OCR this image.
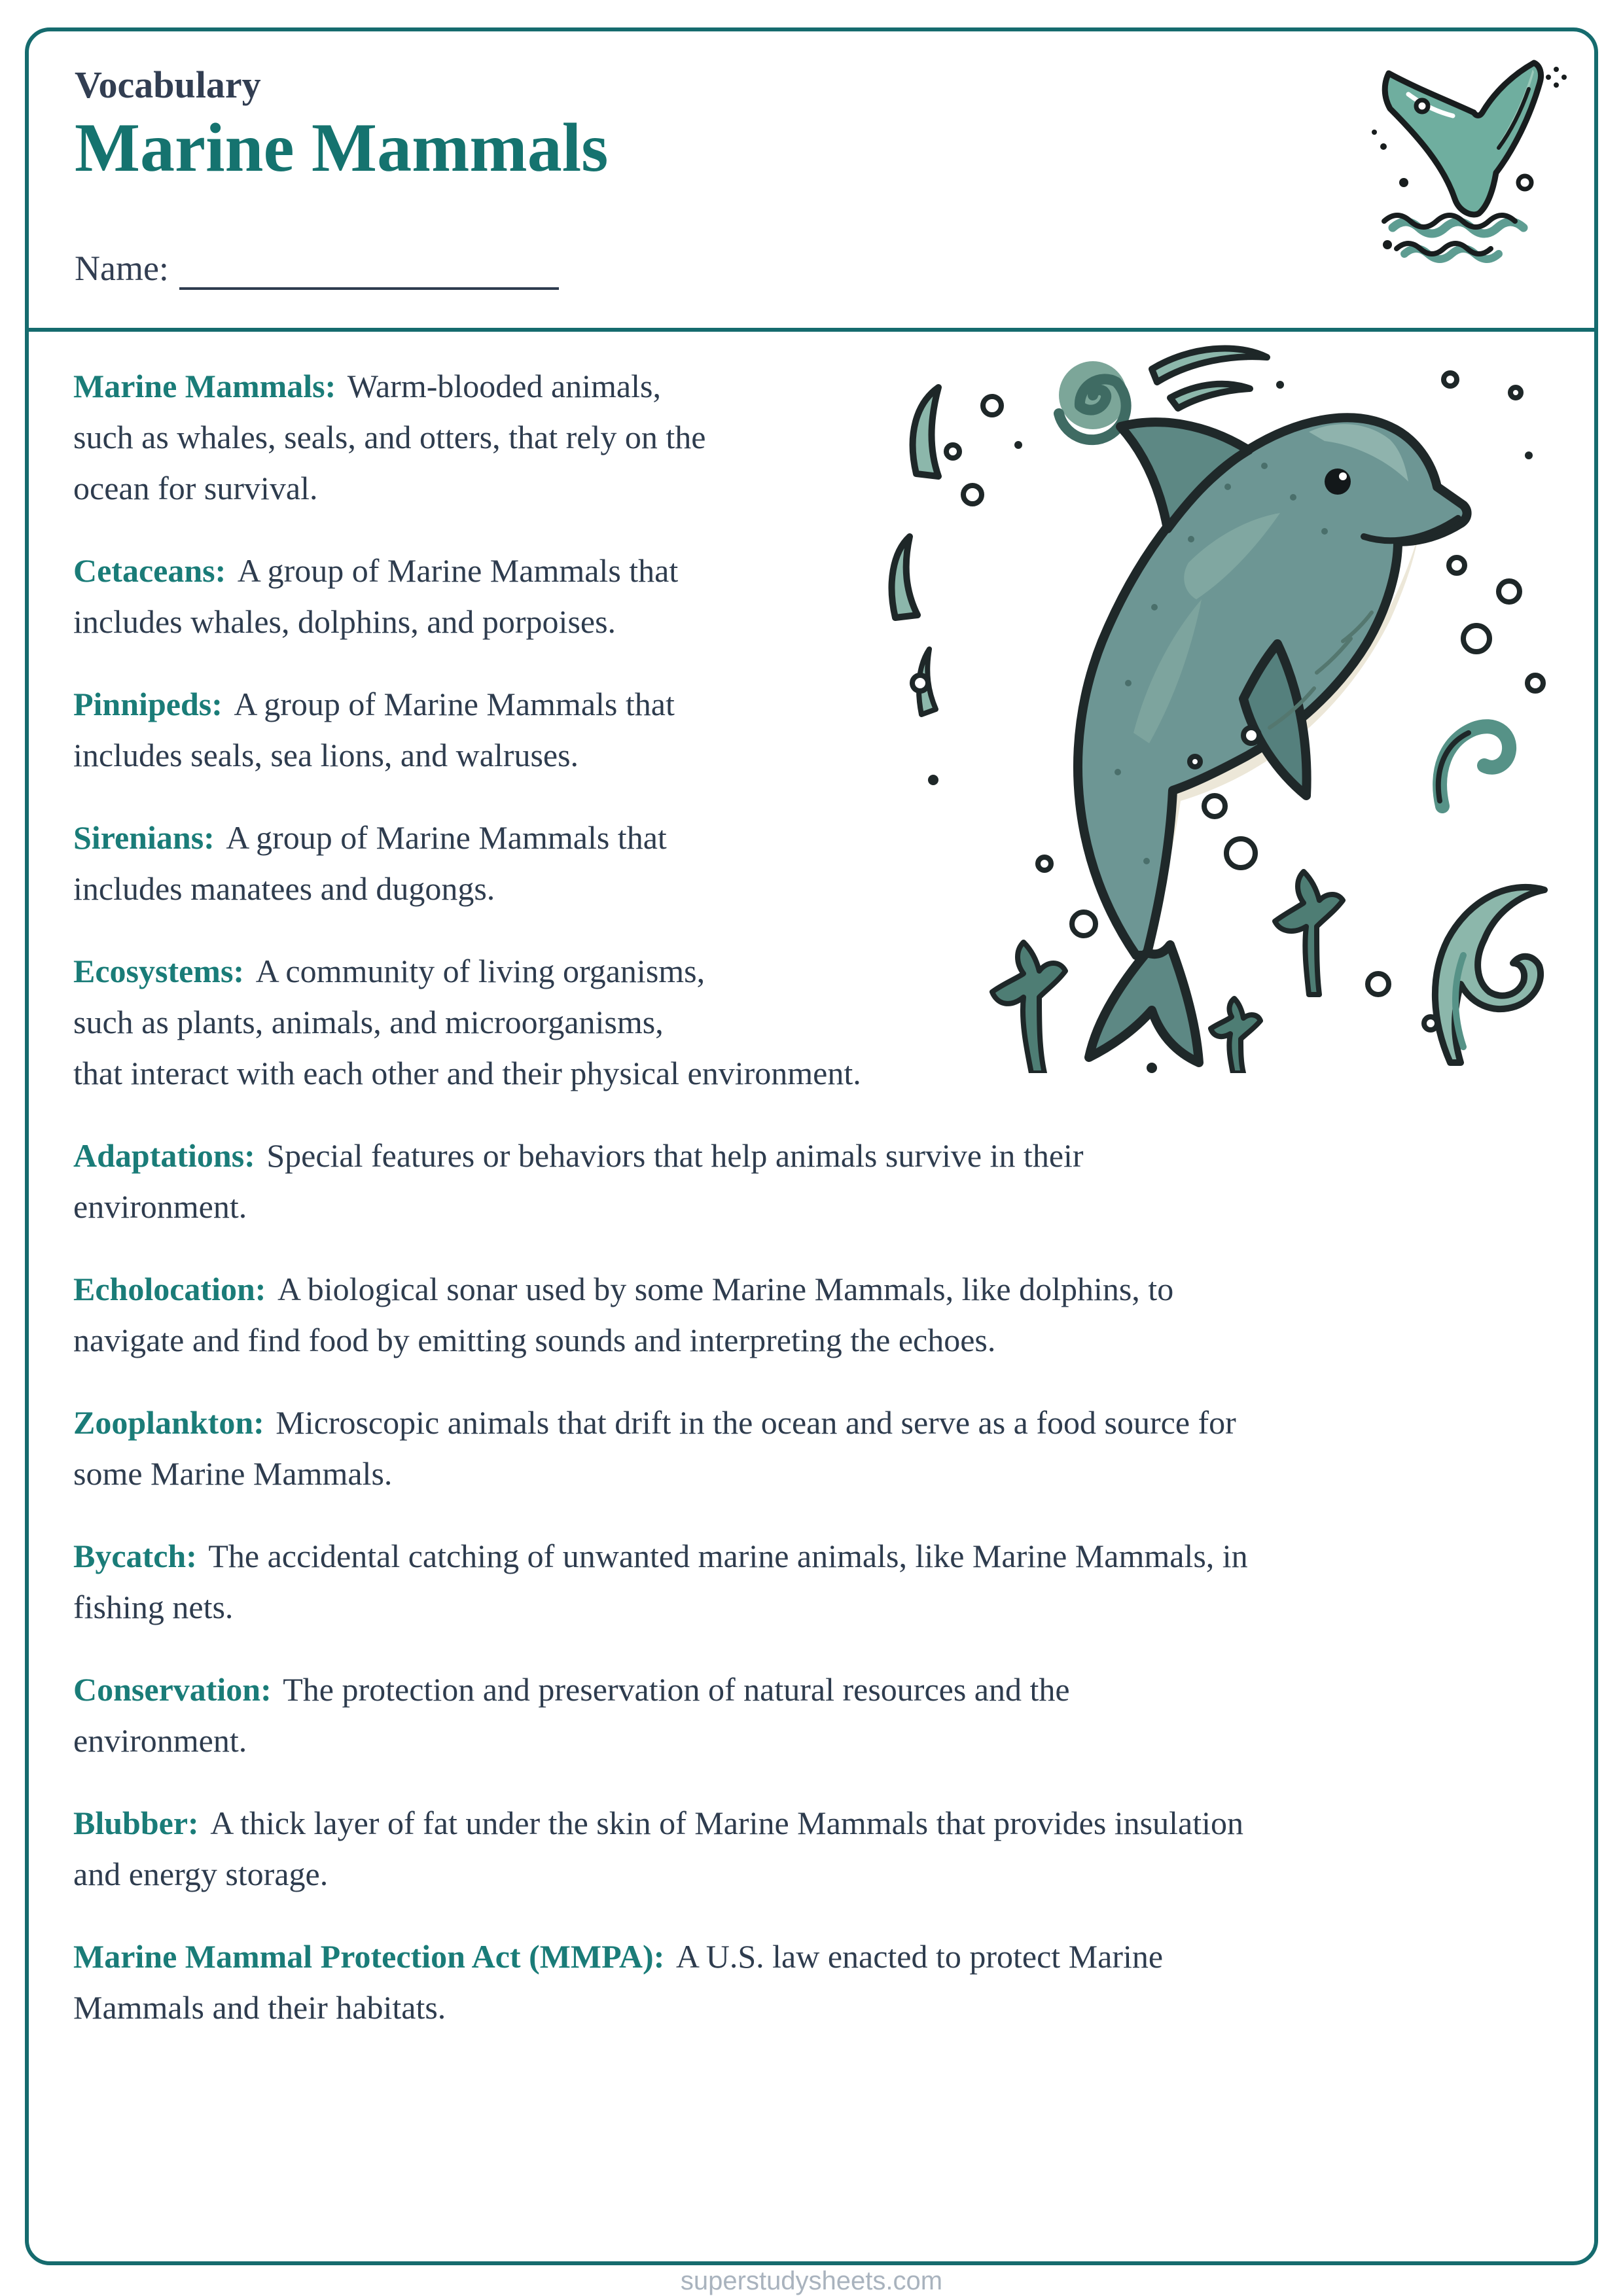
Vocabulary
Marine Mammals
Name:

Marine Mammals: Warm-blooded animals,
such as whales, seals, and otters, that rely on the
ocean for survival.

Cetaceans: A group of Marine Mammals that
includes whales, dolphins, and porpoises.

Pinnipeds: A group of Marine Mammals that
includes seals, sea lions, and walruses.

Sirenians: A group of Marine Mammals that
includes manatees and dugongs.

Ecosystems: A community of living organisms,
such as plants, animals, and microorganisms,
that interact with each other and their physical environment.

Adaptations: Special features or behaviors that help animals survive in their
environment.

Echolocation: A biological sonar used by some Marine Mammals, like dolphins, to
navigate and find food by emitting sounds and interpreting the echoes.

Zooplankton: Microscopic animals that drift in the ocean and serve as a food source for
some Marine Mammals.

Bycatch: The accidental catching of unwanted marine animals, like Marine Mammals, in
fishing nets.

Conservation: The protection and preservation of natural resources and the
environment.

Blubber: A thick layer of fat under the skin of Marine Mammals that provides insulation
and energy storage.

Marine Mammal Protection Act (MMPA): A U.S. law enacted to protect Marine
Mammals and their habitats.

superstudysheets.com
